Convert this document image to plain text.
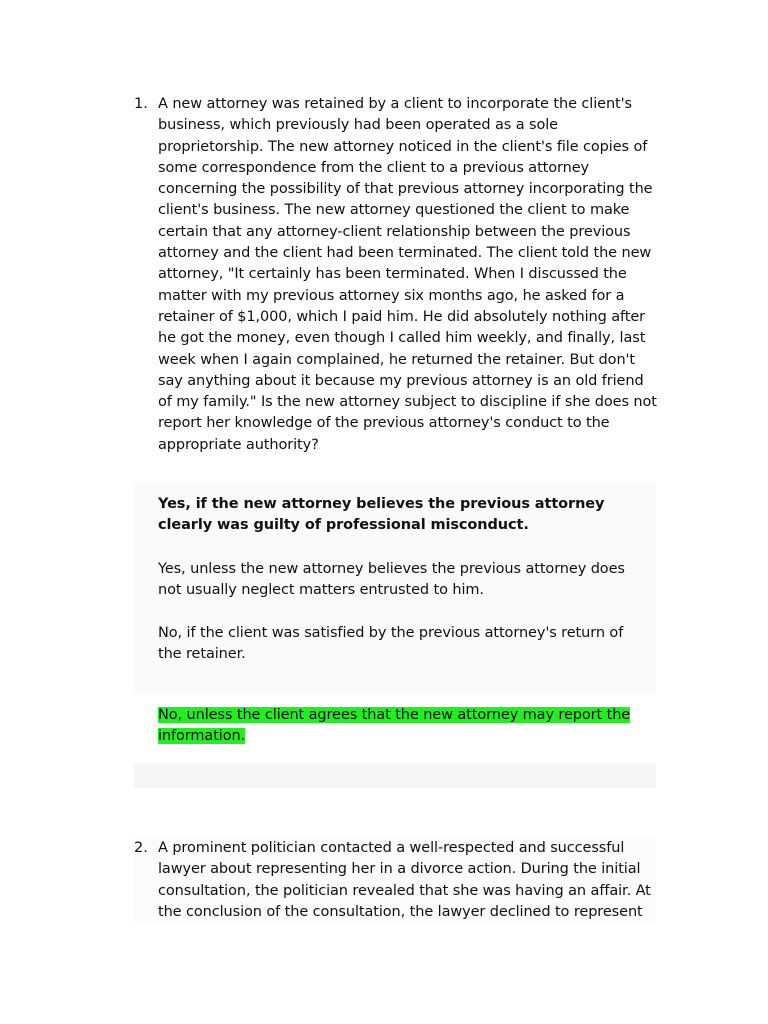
1. A new attorney was retained by a client to incorporate the client's business, which previously had been operated as a sole proprietorship. The new attorney noticed in the client's file copies of some correspondence from the client to a previous attorney concerning the possibility of that previous attorney incorporating the client's business. The new attorney questioned the client to make certain that any attorney-client relationship between the previous attorney and the client had been terminated. The client told the new attorney, "It certainly has been terminated. When I discussed the matter with my previous attorney six months ago, he asked for a retainer of $1,000, which I paid him. He did absolutely nothing after he got the money, even though I called him weekly, and finally, last week when I again complained, he returned the retainer. But don't say anything about it because my previous attorney is an old friend of my family." Is the new attorney subject to discipline if she does not report her knowledge of the previous attorney's conduct to the appropriate authority?

Yes, if the new attorney believes the previous attorney clearly was guilty of professional misconduct.

Yes, unless the new attorney believes the previous attorney does not usually neglect matters entrusted to him.

No, if the client was satisfied by the previous attorney's return of the retainer.

No, unless the client agrees that the new attorney may report the information.

2. A prominent politician contacted a well-respected and successful lawyer about representing her in a divorce action. During the initial consultation, the politician revealed that she was having an affair. At the conclusion of the consultation, the lawyer declined to represent
